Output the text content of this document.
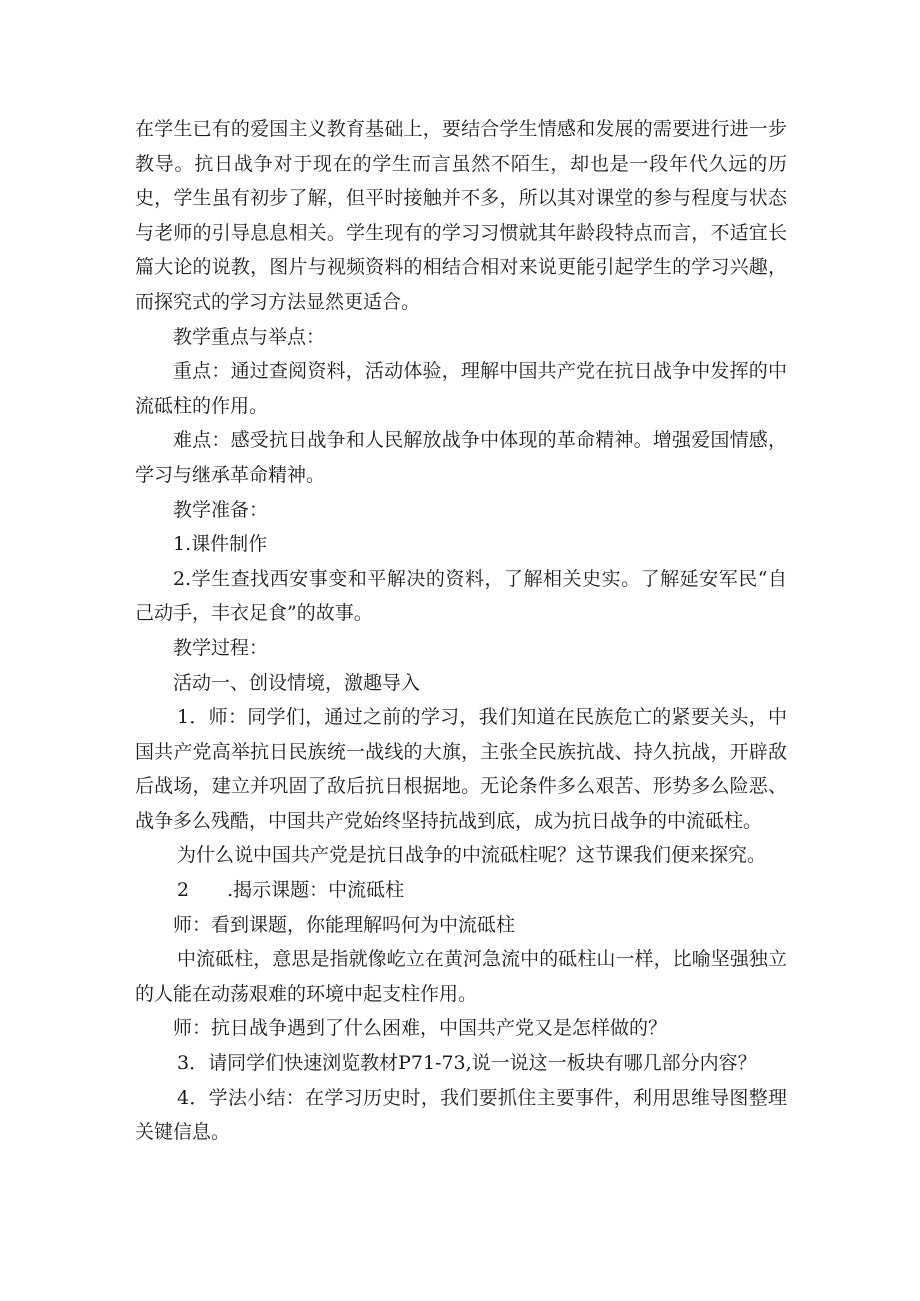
在学生已有的爱国主义教育基础上，要结合学生情感和发展的需要进行进一步教导。抗日战争对于现在的学生而言虽然不陌生，却也是一段年代久远的历史，学生虽有初步了解，但平时接触并不多，所以其对课堂的参与程度与状态与老师的引导息息相关。学生现有的学习习惯就其年龄段特点而言，不适宜长篇大论的说教，图片与视频资料的相结合相对来说更能引起学生的学习兴趣，而探究式的学习方法显然更适合。

教学重点与举点：

重点：通过查阅资料，活动体验，理解中国共产党在抗日战争中发挥的中流砥柱的作用。

难点：感受抗日战争和人民解放战争中体现的革命精神。增强爱国情感，学习与继承革命精神。

教学准备：

1.课件制作

2.学生查找西安事变和平解决的资料，了解相关史实。了解延安军民“自己动手，丰衣足食”的故事。

教学过程：

活动一、创设情境，激趣导入

1．师：同学们，通过之前的学习，我们知道在民族危亡的紧要关头，中国共产党高举抗日民族统一战线的大旗，主张全民族抗战、持久抗战，开辟敌后战场，建立并巩固了敌后抗日根据地。无论条件多么艰苦、形势多么险恶、战争多么残酷，中国共产党始终坚持抗战到底，成为抗日战争的中流砥柱。

为什么说中国共产党是抗日战争的中流砥柱呢？这节课我们便来探究。

2　　.揭示课题：中流砥柱

师：看到课题，你能理解吗何为中流砥柱

中流砥柱，意思是指就像屹立在黄河急流中的砥柱山一样，比喻坚强独立的人能在动荡艰难的环境中起支柱作用。

师：抗日战争遇到了什么困难，中国共产党又是怎样做的？

3．请同学们快速浏览教材P71-73,说一说这一板块有哪几部分内容？

4．学法小结：在学习历史时，我们要抓住主要事件，利用思维导图整理关键信息。
